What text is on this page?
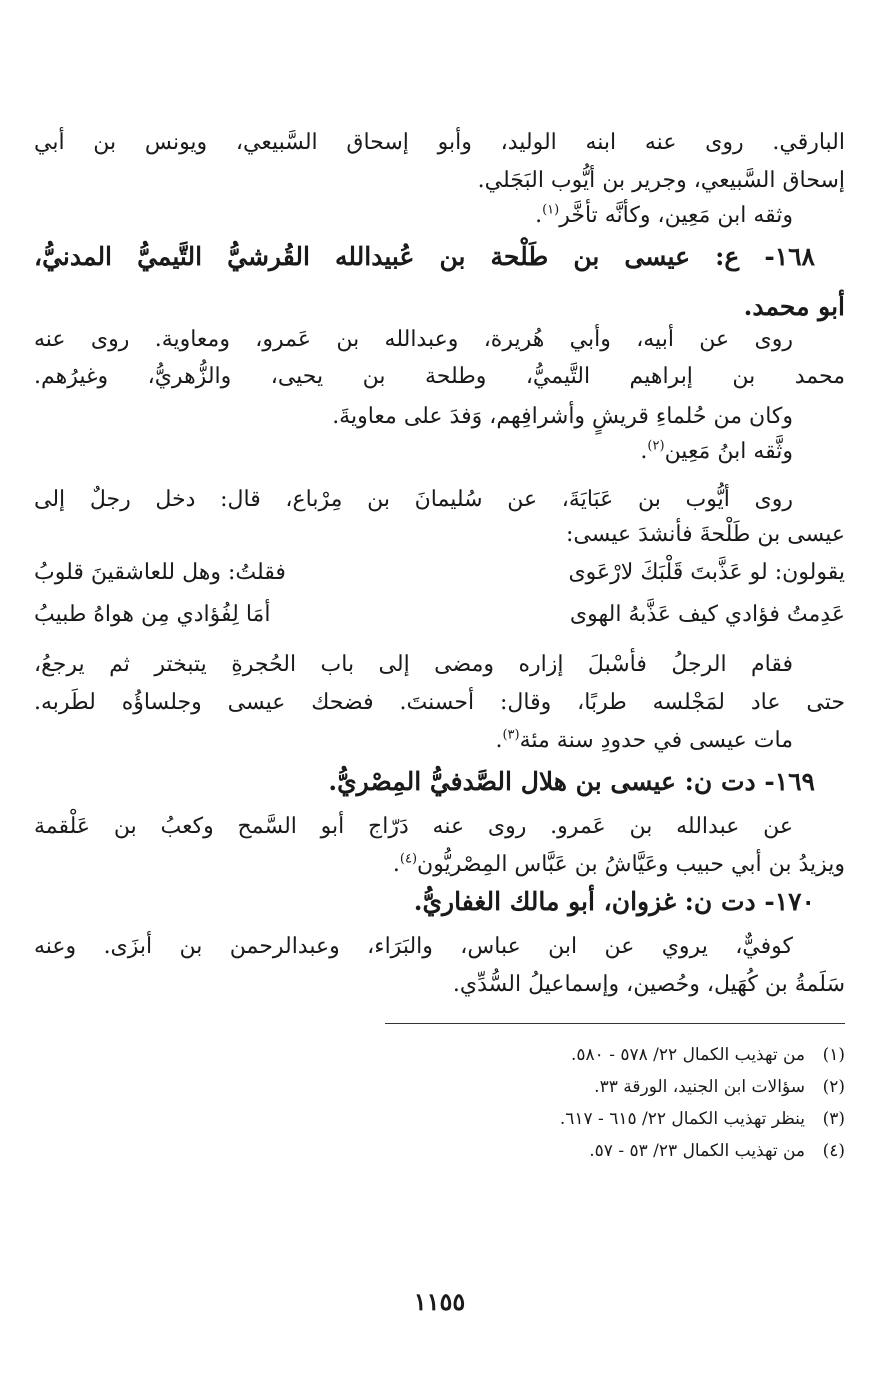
البارقي. روى عنه ابنه الوليد، وأبو إسحاق السَّبيعي، ويونس بن أبي
إسحاق السَّبيعي، وجرير بن أيُّوب البَجَلي.
وثقه ابن مَعِين، وكأنَّه تأخَّر$^{(١)}$.
١٦٨- ع: عيسى بن طَلْحة بن عُبيدالله القُرشيُّ التَّيميُّ المدنيُّ،
أبو محمد.
روى عن أبيه، وأبي هُريرة، وعبدالله بن عَمرو، ومعاوية. روى عنه
محمد بن إبراهيم التَّيميُّ، وطلحة بن يحيى، والزُّهريُّ، وغيرُهم.
وكان من حُلماءِ قريشٍ وأشرافِهم، وَفدَ على معاويةَ.
وثَّقه ابنُ مَعِين$^{(٢)}$.
روى أيُّوب بن عَبَايَةَ، عن سُليمانَ بن مِرْباع، قال: دخل رجلٌ إلى
عيسى بن طَلْحةَ فأنشدَ عيسى:
يقولون: لو عَذَّبتَ قَلْبَكَ لارْعَوى
فقلتُ: وهل للعاشقينَ قلوبُ
عَدِمتُ فؤادي كيف عَذَّبهُ الهوى
أمَا لِفُؤادي مِن هواهُ طبيبُ
فقام الرجلُ فأسْبلَ إزاره ومضى إلى باب الحُجرةِ يتبختر ثم يرجعُ،
حتى عاد لمَجْلسه طربًا، وقال: أحسنتَ. فضحك عيسى وجلساؤُه لطَربه.
مات عيسى في حدودِ سنة مئة$^{(٣)}$.
١٦٩- دت ن: عيسى بن هلال الصَّدفيُّ المِصْريُّ.
عن عبدالله بن عَمرو. روى عنه دَرّاج أبو السَّمح وكعبُ بن عَلْقمة
ويزيدُ بن أبي حبيب وعَيَّاشُ بن عَبَّاس المِصْريُّون$^{(٤)}$.
١٧٠- دت ن: غزوان، أبو مالك الغفاريُّ.
كوفيٌّ، يروي عن ابن عباس، والبَرَاء، وعبدالرحمن بن أبزَى. وعنه
سَلَمةُ بن كُهَيل، وحُصين، وإسماعيلُ السُّدِّي.
(١)من تهذيب الكمال ٢٢/ ٥٧٨ - ٥٨٠.
(٢)سؤالات ابن الجنيد، الورقة ٣٣.
(٣)ينظر تهذيب الكمال ٢٢/ ٦١٥ - ٦١٧.
(٤)من تهذيب الكمال ٢٣/ ٥٣ - ٥٧.
١١٥٥
